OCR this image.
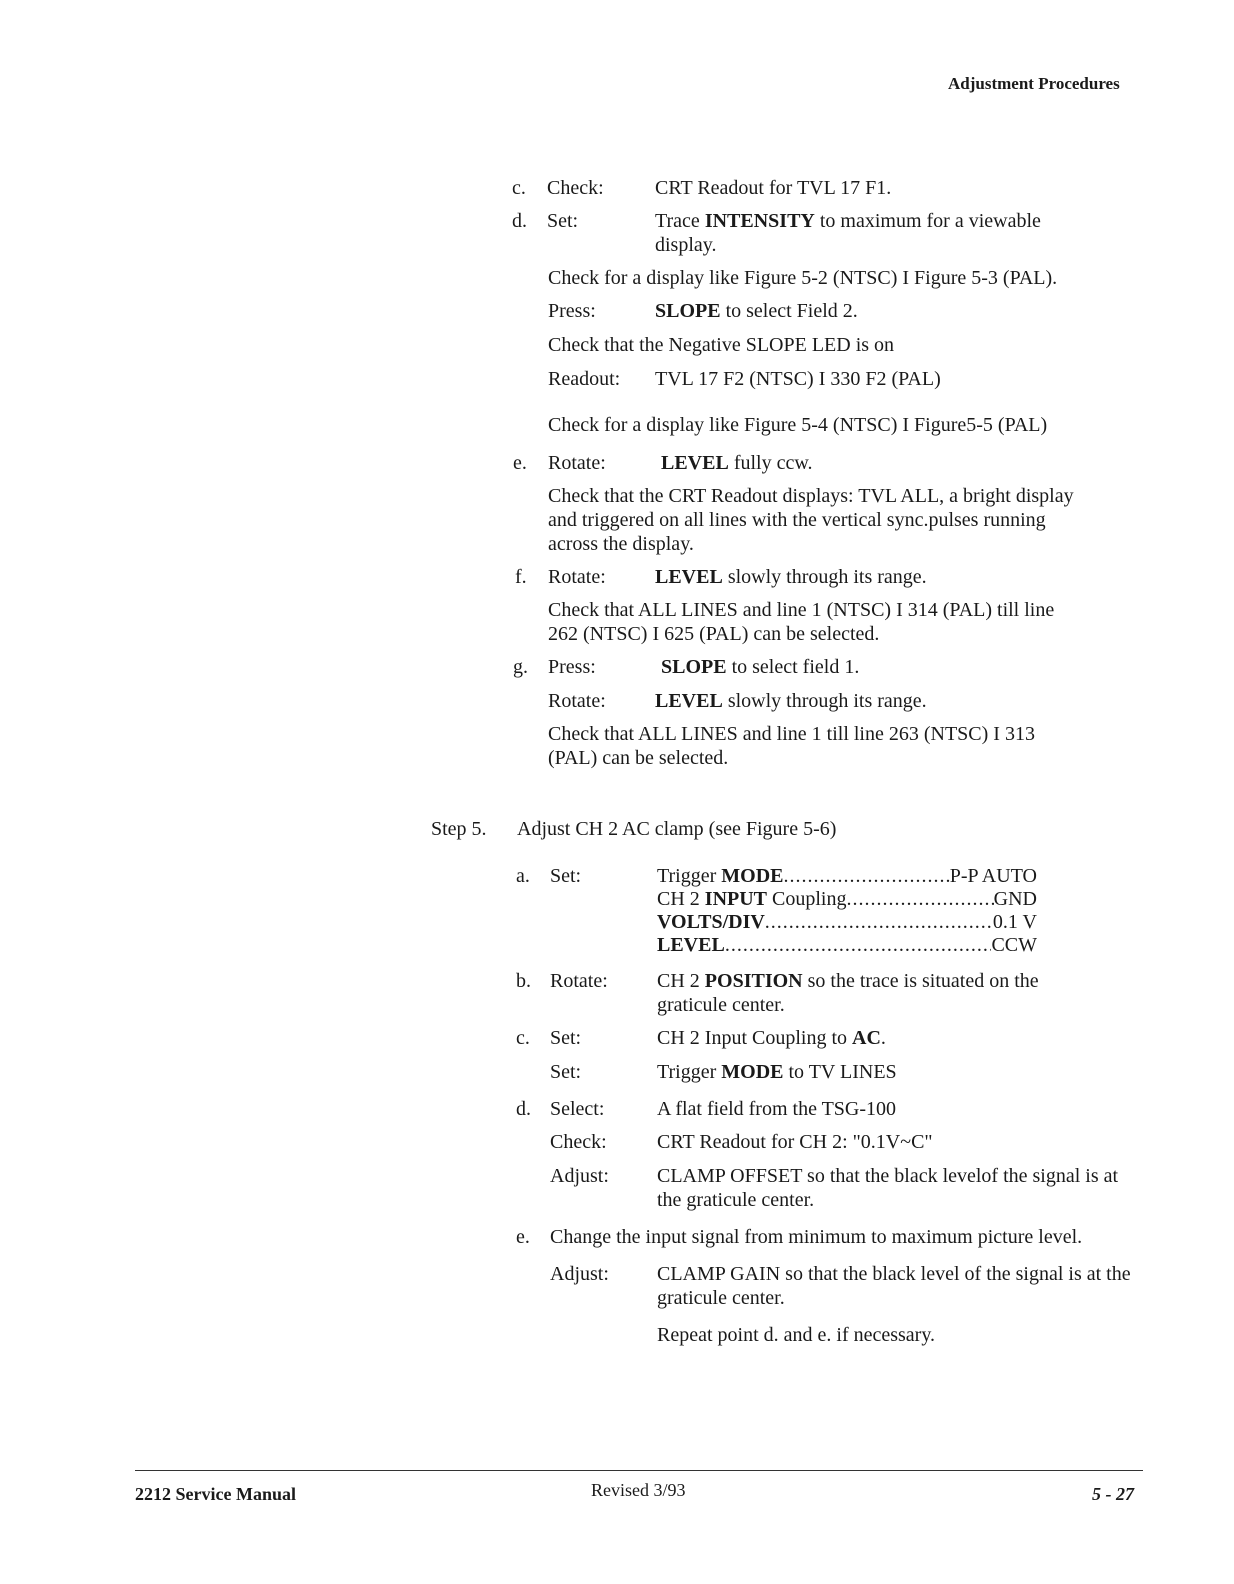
Adjustment Procedures
c. Check:	CRT Readout for TVL 17 F1.
d. Set:	Trace INTENSITY to maximum for a viewable display.
Check for a display like Figure 5-2 (NTSC) I Figure 5-3 (PAL).
Press:	SLOPE to select Field 2.
Check that the Negative SLOPE LED is on
Readout: TVL 17 F2 (NTSC) I 330 F2 (PAL)
Check for a display like Figure 5-4 (NTSC) I Figure5-5 (PAL)
e. Rotate:	LEVEL fully ccw.
Check that the CRT Readout displays: TVL ALL, a bright display and triggered on all lines with the vertical sync.pulses running across the display.
f. Rotate: LEVEL slowly through its range.
Check that ALL LINES and line 1 (NTSC) I 314 (PAL) till line 262 (NTSC) I 625 (PAL) can be selected.
g. Press:	SLOPE to select field 1.
Rotate: LEVEL slowly through its range.
Check that ALL LINES and line 1 till line 263 (NTSC) I 313 (PAL) can be selected.
Step 5. Adjust CH 2 AC clamp (see Figure 5-6)
a. Set:	Trigger MODE .....	P-P AUTO
CH 2 INPUT Coupling .....	GND
VOLTS/DIV .....	0.1 V
LEVEL .....	CCW
b. Rotate: CH 2 POSITION so the trace is situated on the graticule center.
c. Set:	CH 2 Input Coupling to AC.
Set:	Trigger MODE to TV LINES
d. Select:	A flat field from the TSG-100
Check:	CRT Readout for CH 2: "0.1V~C"
Adjust: CLAMP OFFSET so that the black levelof the signal is at the graticule center.
e. Change the input signal from minimum to maximum picture level.
Adjust: CLAMP GAIN so that the black level of the signal is at the graticule center.
Repeat point d. and e. if necessary.
2212 Service Manual	Revised 3/93	5 - 27
